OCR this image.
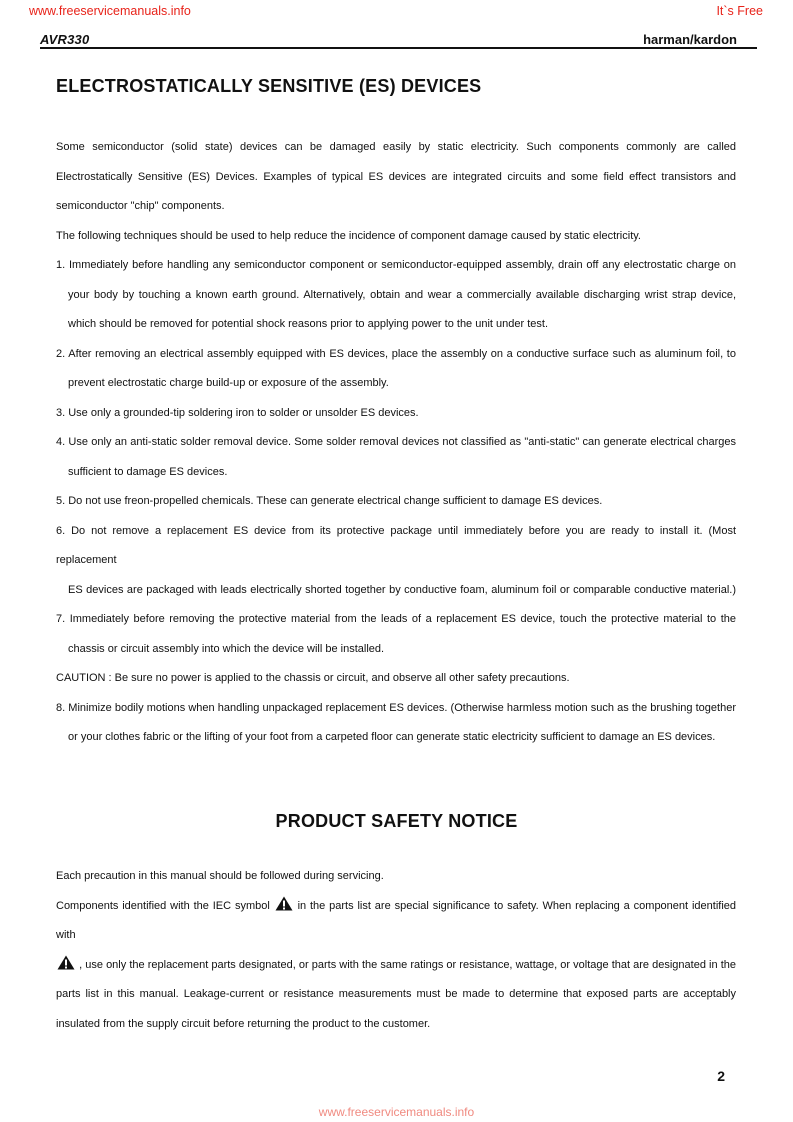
www.freeservicemanuals.info	It`s Free
AVR330	harman/kardon
ELECTROSTATICALLY SENSITIVE (ES) DEVICES

Some semiconductor (solid state) devices can be damaged easily by static electricity. Such components commonly are called

Electrostatically Sensitive (ES) Devices. Examples of typical ES devices are integrated circuits and some field effect transistors and

semiconductor "chip" components.

The following techniques should be used to help reduce the incidence of component damage caused by static electricity.

1. Immediately before handling any semiconductor component or semiconductor-equipped assembly, drain off any electrostatic charge on

your body by touching a known earth ground. Alternatively, obtain and wear a commercially available discharging wrist strap device,

which should be removed for potential shock reasons prior to applying power to the unit under test.

2. After removing an electrical assembly equipped with ES devices, place the assembly on a conductive surface such as aluminum foil, to

prevent electrostatic charge build-up or exposure of the assembly.

3. Use only a grounded-tip soldering iron to solder or unsolder ES devices.

4. Use only an anti-static solder removal device. Some solder removal devices not classified as "anti-static" can generate electrical charges

sufficient to damage ES devices.

5. Do not use freon-propelled chemicals. These can generate electrical change sufficient to damage ES devices.

6. Do not remove a replacement ES device from its protective package until immediately before you are ready to install it. (Most replacement

ES devices are packaged with leads electrically shorted together by conductive foam, aluminum foil or comparable conductive material.)

7. Immediately before removing the protective material from the leads of a replacement ES device, touch the protective material to the

chassis or circuit assembly into which the device will be installed.

CAUTION : Be sure no power is applied to the chassis or circuit, and observe all other safety precautions.

8. Minimize bodily motions when handling unpackaged replacement ES devices. (Otherwise harmless motion such as the brushing together

or your clothes fabric or the lifting of your foot from a carpeted floor can generate static electricity sufficient to damage an ES devices.

PRODUCT SAFETY NOTICE

Each precaution in this manual should be followed during servicing.

Components identified with the IEC symbol	in the parts list are special significance to safety. When replacing a component identified with

, use only the replacement parts designated, or parts with the same ratings or resistance, wattage, or voltage that are designated in the

parts list in this manual. Leakage-current or resistance measurements must be made to determine that exposed parts are acceptably

insulated from the supply circuit before returning the product to the customer.

2
www.freeservicemanuals.info
